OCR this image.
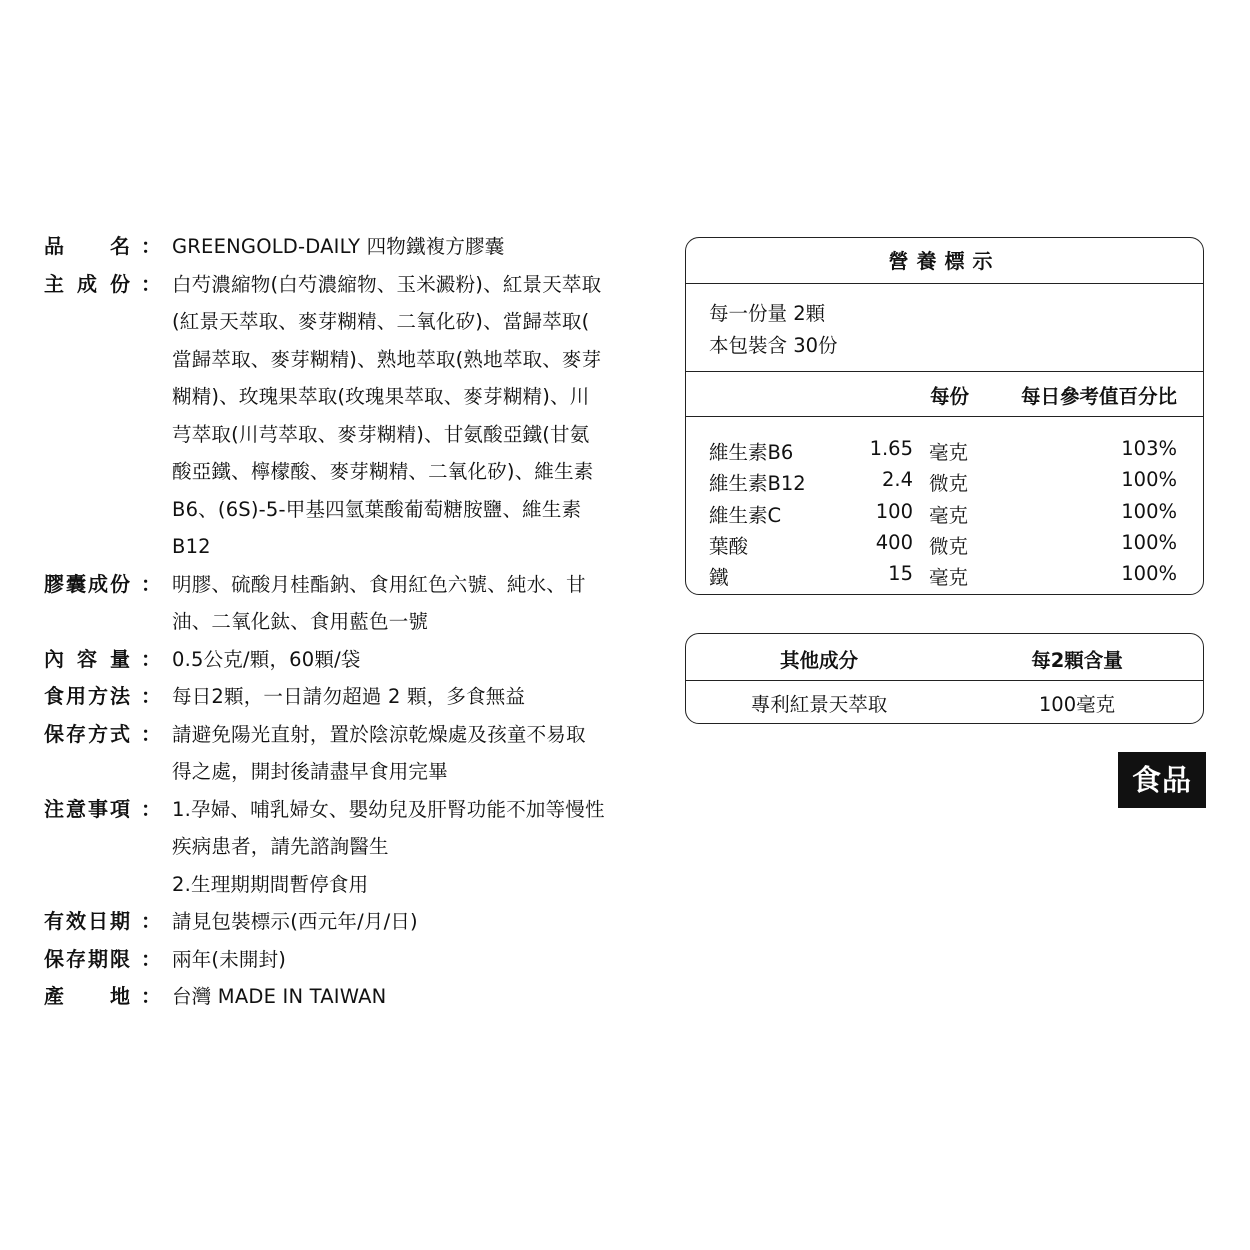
品 名 ： GREENGOLD-DAILY 四物鐵複方膠囊
主成份 ： 白芍濃縮物(白芍濃縮物、玉米澱粉)、紅景天萃取
(紅景天萃取、麥芽糊精、二氧化矽)、當歸萃取(
當歸萃取、麥芽糊精)、熟地萃取(熟地萃取、麥芽
糊精)、玫瑰果萃取(玫瑰果萃取、麥芽糊精)、川
芎萃取(川芎萃取、麥芽糊精)、甘氨酸亞鐵(甘氨
酸亞鐵、檸檬酸、麥芽糊精、二氧化矽)、維生素
B6、(6S)-5-甲基四氫葉酸葡萄糖胺鹽、維生素
B12
膠囊成份 ： 明膠、硫酸月桂酯鈉、食用紅色六號、純水、甘
油、二氧化鈦、食用藍色一號
內容量 ： 0.5公克/顆，60顆/袋
食用方法 ： 每日2顆，一日請勿超過 2 顆，多食無益
保存方式 ： 請避免陽光直射，置於陰涼乾燥處及孩童不易取
得之處，開封後請盡早食用完畢
注意事項 ： 1.孕婦、哺乳婦女、嬰幼兒及肝腎功能不加等慢性
疾病患者，請先諮詢醫生
2.生理期期間暫停食用
有效日期 ： 請見包裝標示(西元年/月/日)
保存期限 ： 兩年(未開封)
產 地 ： 台灣 MADE IN TAIWAN
營養標示
每一份量 2顆
本包裝含 30份
每份	每日參考值百分比
維生素B6	1.65 毫克	103%
維生素B12	2.4 微克	100%
維生素C	100 毫克	100%
葉酸	400 微克	100%
鐵	15 毫克	100%
其他成分	每2顆含量
專利紅景天萃取	100毫克
食品
